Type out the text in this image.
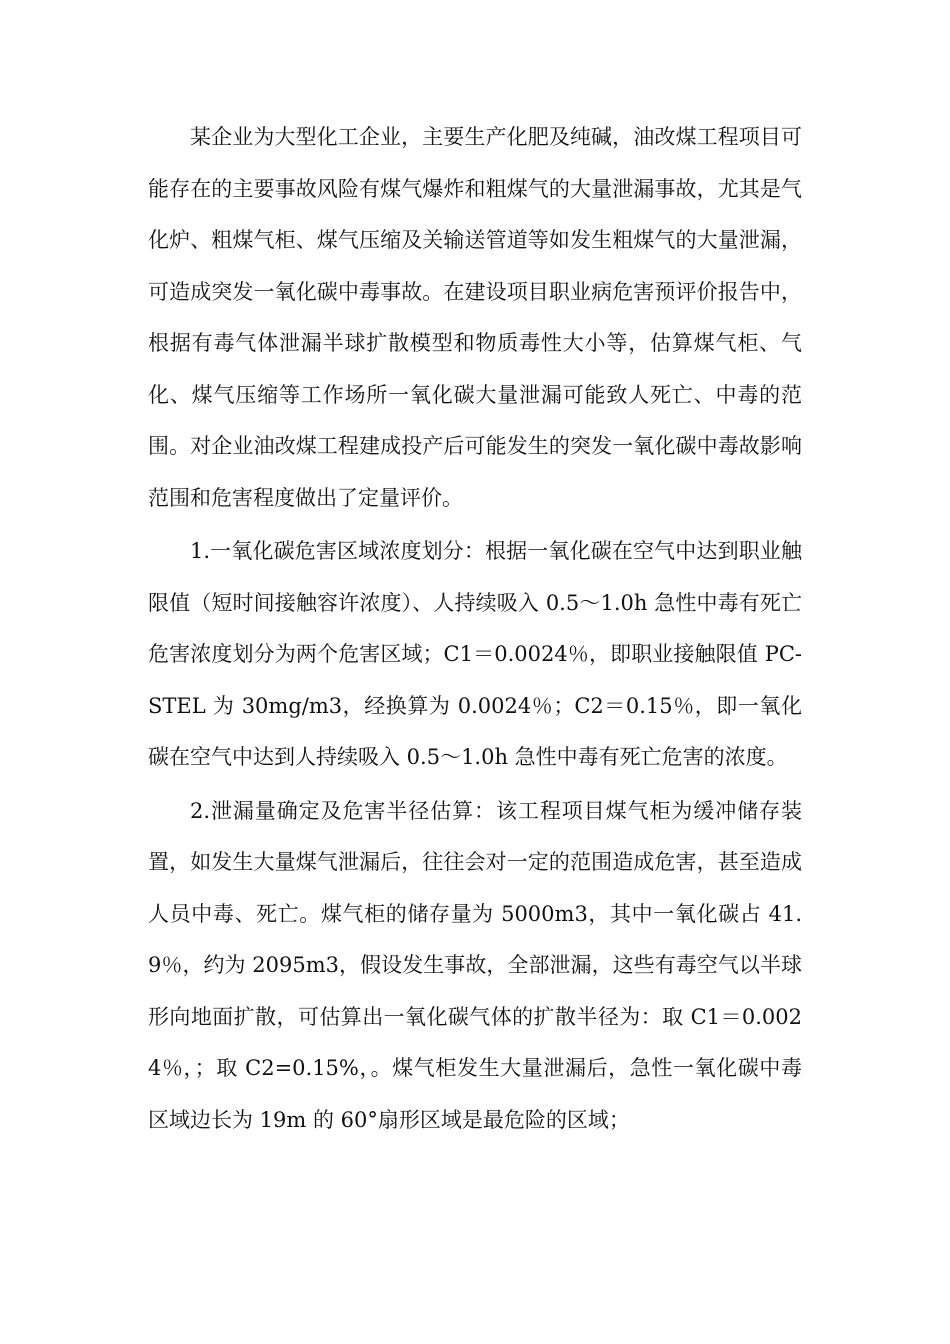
某企业为大型化工企业，主要生产化肥及纯碱，油改煤工程项目可能存在的主要事故风险有煤气爆炸和粗煤气的大量泄漏事故，尤其是气化炉、粗煤气柜、煤气压缩及关输送管道等如发生粗煤气的大量泄漏，可造成突发一氧化碳中毒事故。在建设项目职业病危害预评价报告中，根据有毒气体泄漏半球扩散模型和物质毒性大小等，估算煤气柜、气化、煤气压缩等工作场所一氧化碳大量泄漏可能致人死亡、中毒的范围。对企业油改煤工程建成投产后可能发生的突发一氧化碳中毒故影响范围和危害程度做出了定量评价。

1.一氧化碳危害区域浓度划分：根据一氧化碳在空气中达到职业触限值（短时间接触容许浓度）、人持续吸入 0.5～1.0h 急性中毒有死亡危害浓度划分为两个危害区域；C1＝0.0024％，即职业接触限值 PC-STEL 为 30mg/m3，经换算为 0.0024％；C2＝0.15％，即一氧化碳在空气中达到人持续吸入 0.5～1.0h 急性中毒有死亡危害的浓度。

2.泄漏量确定及危害半径估算：该工程项目煤气柜为缓冲储存装置，如发生大量煤气泄漏后，往往会对一定的范围造成危害，甚至造成人员中毒、死亡。煤气柜的储存量为 5000m3，其中一氧化碳占 41.9％，约为 2095m3，假设发生事故，全部泄漏，这些有毒空气以半球形向地面扩散，可估算出一氧化碳气体的扩散半径为：取 C1＝0.0024％，；取 C2=0.15%，。煤气柜发生大量泄漏后，急性一氧化碳中毒区域边长为 19m 的 60°扇形区域是最危险的区域；
